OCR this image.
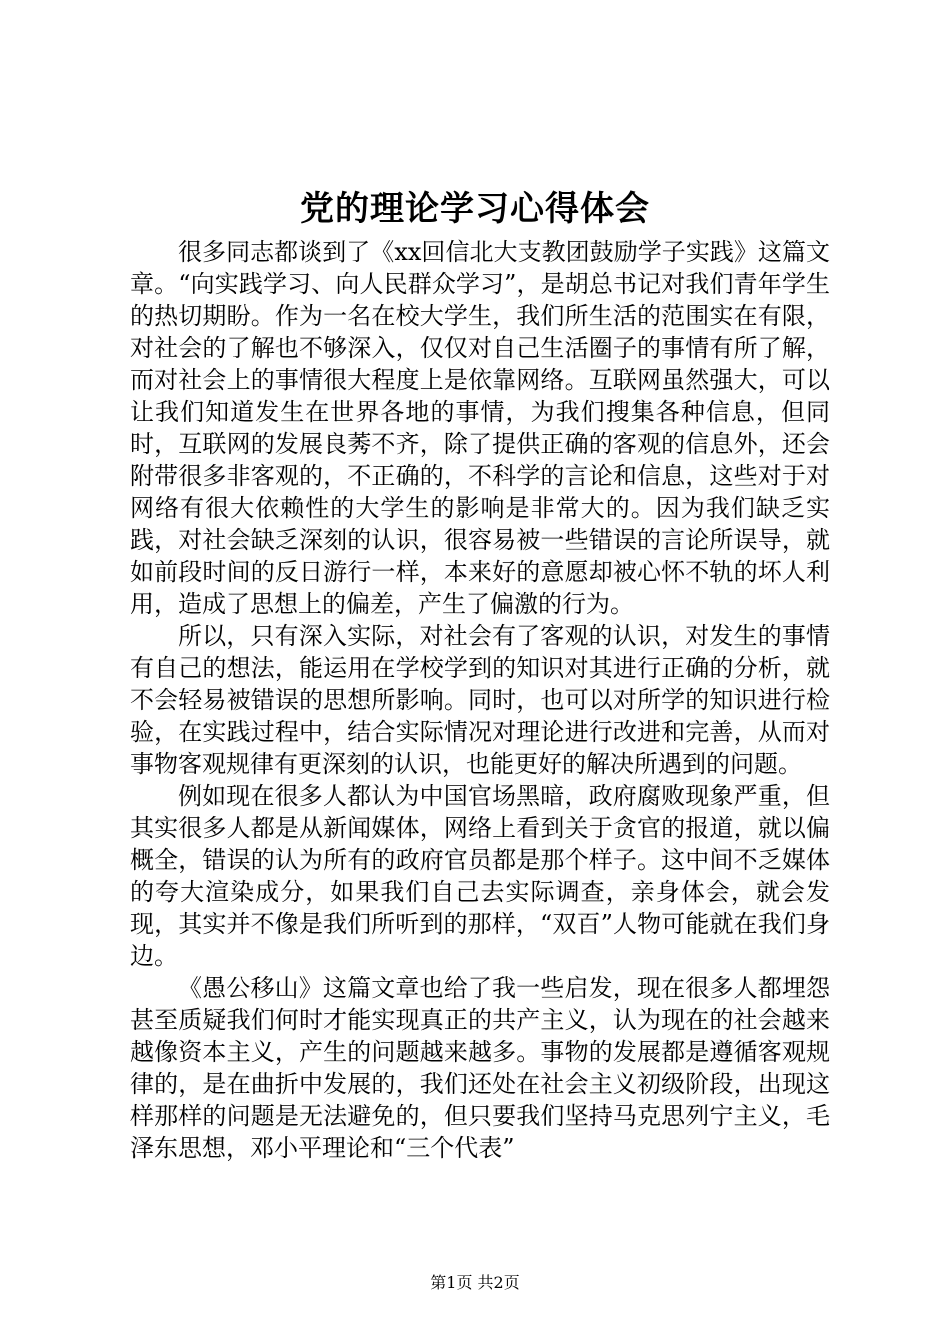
党的理论学习心得体会

很多同志都谈到了《xx回信北大支教团鼓励学子实践》这篇文章。“向实践学习、向人民群众学习”，是胡总书记对我们青年学生的热切期盼。作为一名在校大学生，我们所生活的范围实在有限，对社会的了解也不够深入，仅仅对自己生活圈子的事情有所了解，而对社会上的事情很大程度上是依靠网络。互联网虽然强大，可以让我们知道发生在世界各地的事情，为我们搜集各种信息，但同时，互联网的发展良莠不齐，除了提供正确的客观的信息外，还会附带很多非客观的，不正确的，不科学的言论和信息，这些对于对网络有很大依赖性的大学生的影响是非常大的。因为我们缺乏实践，对社会缺乏深刻的认识，很容易被一些错误的言论所误导，就如前段时间的反日游行一样，本来好的意愿却被心怀不轨的坏人利用，造成了思想上的偏差，产生了偏激的行为。

所以，只有深入实际，对社会有了客观的认识，对发生的事情有自己的想法，能运用在学校学到的知识对其进行正确的分析，就不会轻易被错误的思想所影响。同时，也可以对所学的知识进行检验，在实践过程中，结合实际情况对理论进行改进和完善，从而对事物客观规律有更深刻的认识，也能更好的解决所遇到的问题。

例如现在很多人都认为中国官场黑暗，政府腐败现象严重，但其实很多人都是从新闻媒体，网络上看到关于贪官的报道，就以偏概全，错误的认为所有的政府官员都是那个样子。这中间不乏媒体的夸大渲染成分，如果我们自己去实际调查，亲身体会，就会发现，其实并不像是我们所听到的那样，“双百”人物可能就在我们身边。

《愚公移山》这篇文章也给了我一些启发，现在很多人都埋怨甚至质疑我们何时才能实现真正的共产主义，认为现在的社会越来越像资本主义，产生的问题越来越多。事物的发展都是遵循客观规律的，是在曲折中发展的，我们还处在社会主义初级阶段，出现这样那样的问题是无法避免的，但只要我们坚持马克思列宁主义，毛泽东思想，邓小平理论和“三个代表”

第1页 共2页
